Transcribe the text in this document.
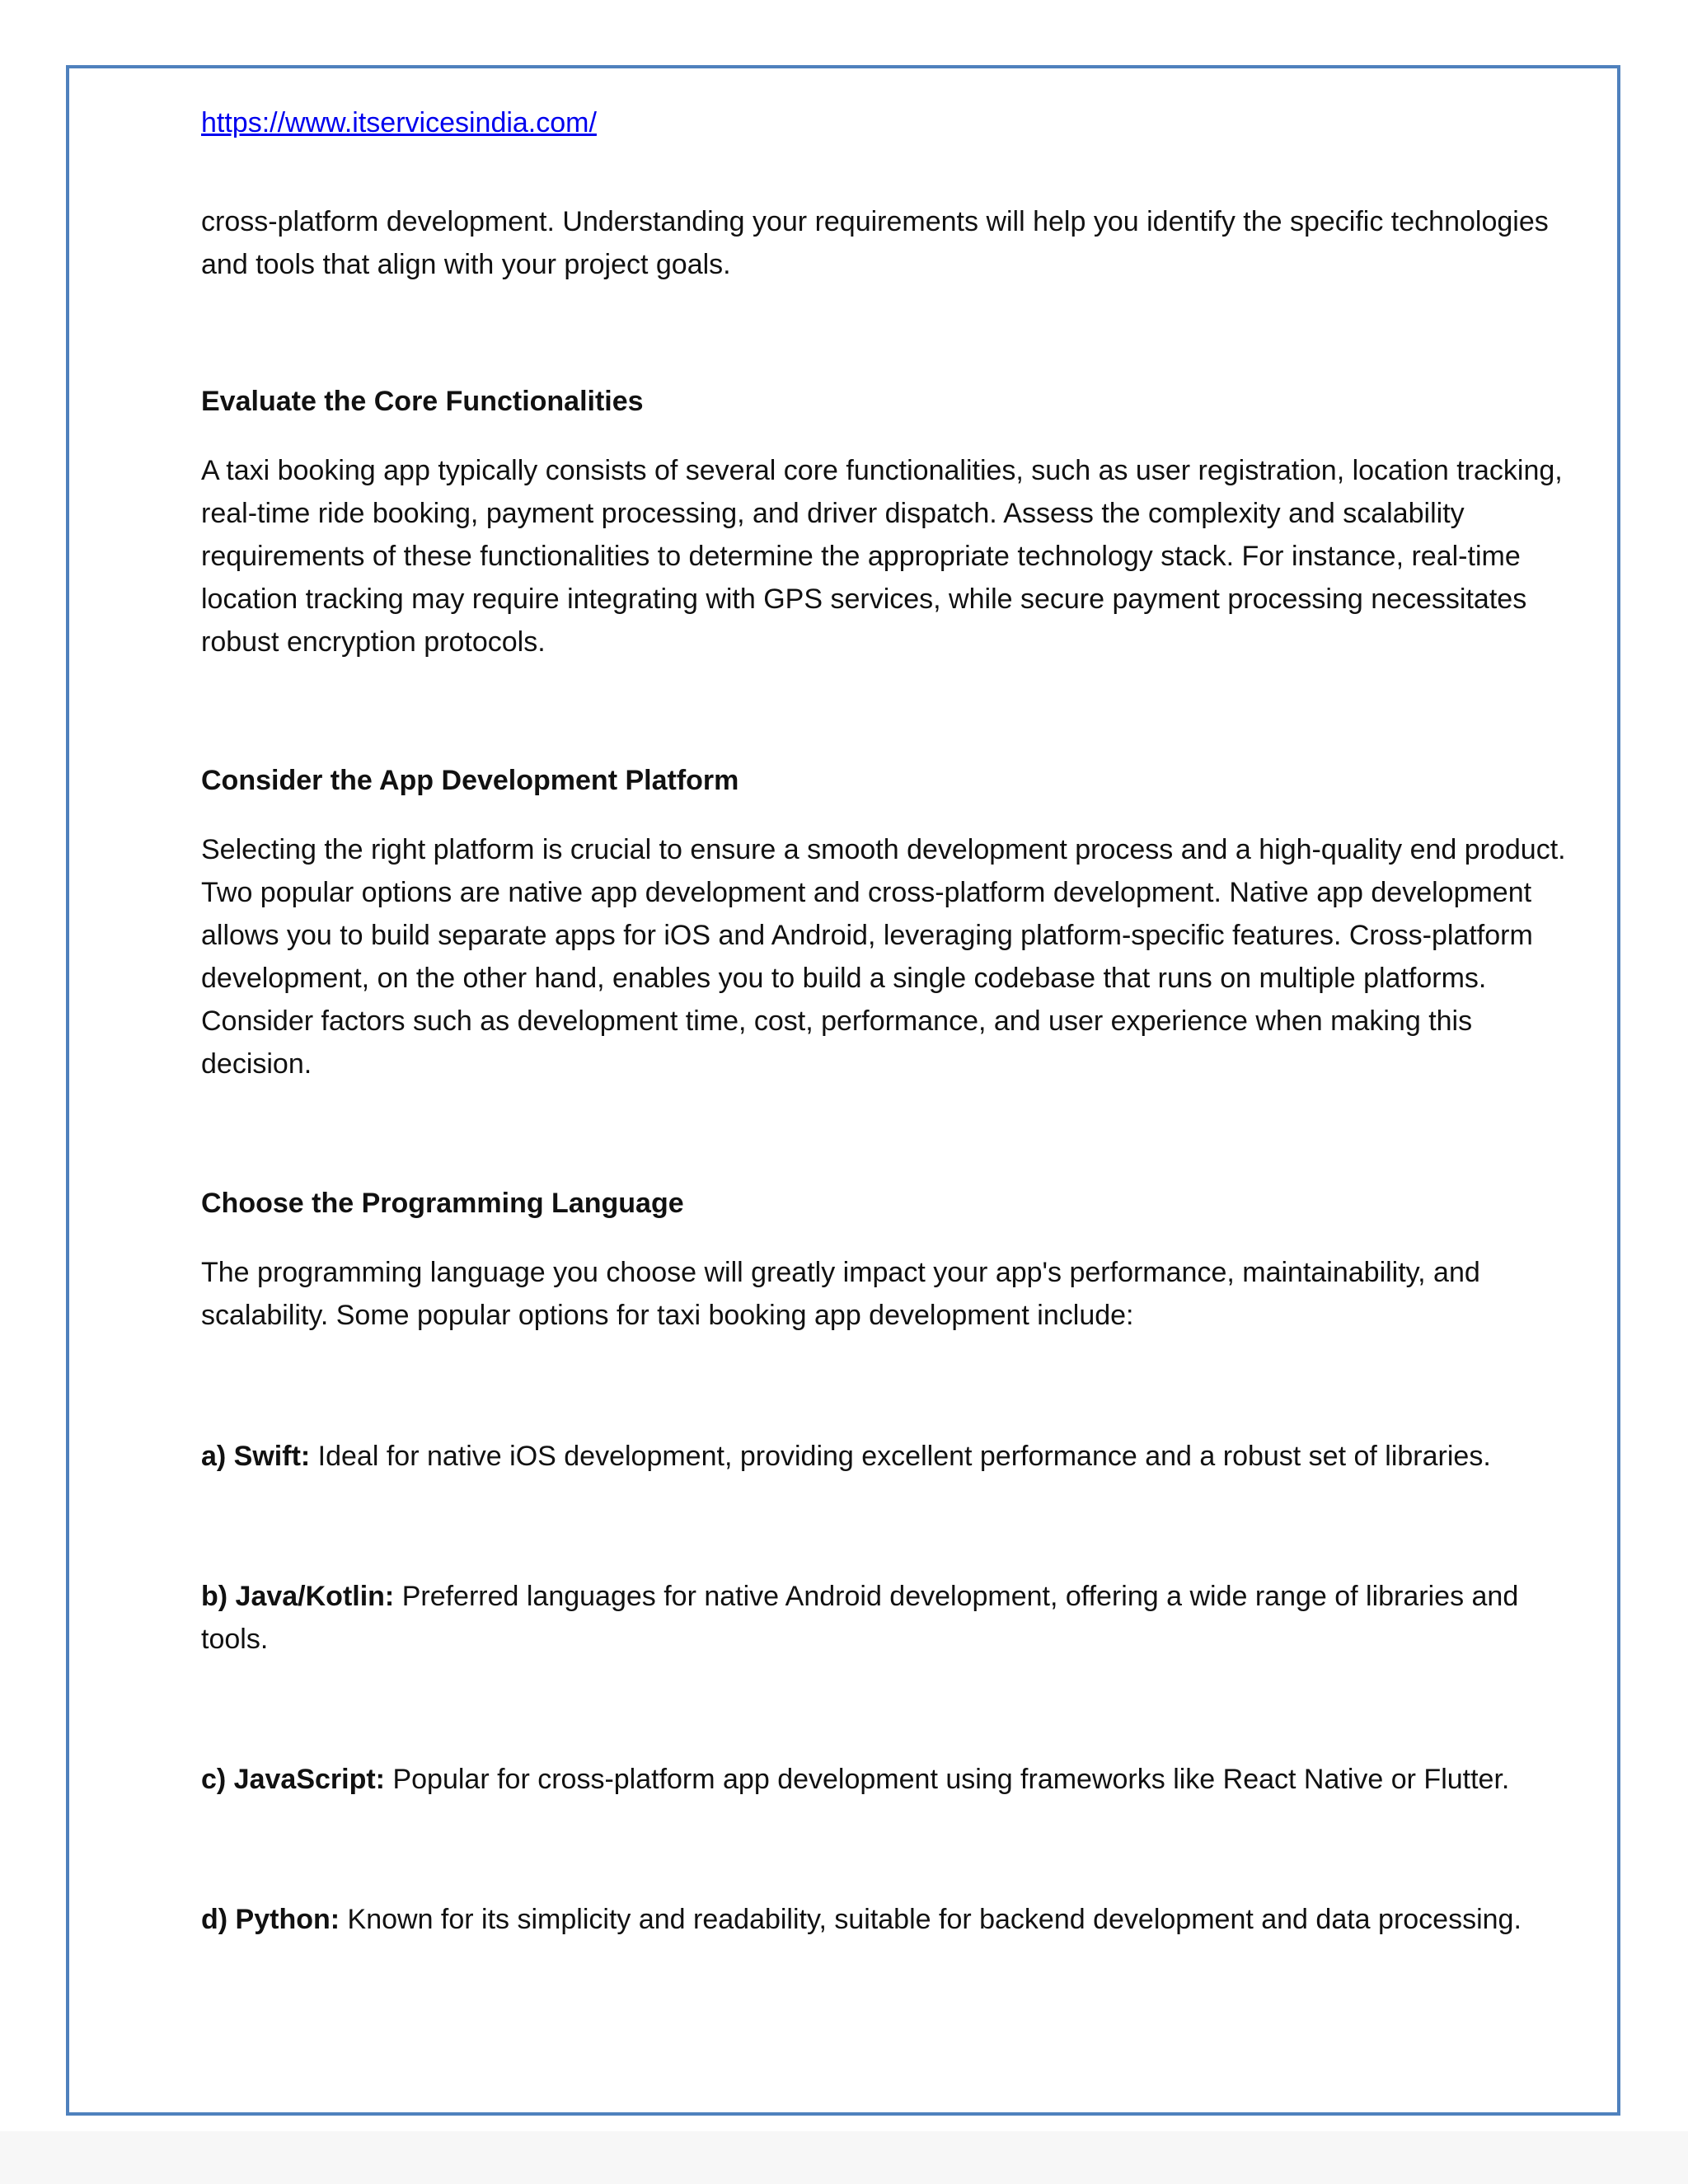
https://www.itservicesindia.com/

cross-platform development. Understanding your requirements will help you identify the specific technologies and tools that align with your project goals.

Evaluate the Core Functionalities

A taxi booking app typically consists of several core functionalities, such as user registration, location tracking, real-time ride booking, payment processing, and driver dispatch. Assess the complexity and scalability requirements of these functionalities to determine the appropriate technology stack. For instance, real-time location tracking may require integrating with GPS services, while secure payment processing necessitates robust encryption protocols.

Consider the App Development Platform

Selecting the right platform is crucial to ensure a smooth development process and a high-quality end product. Two popular options are native app development and cross-platform development. Native app development allows you to build separate apps for iOS and Android, leveraging platform-specific features. Cross-platform development, on the other hand, enables you to build a single codebase that runs on multiple platforms. Consider factors such as development time, cost, performance, and user experience when making this decision.

Choose the Programming Language

The programming language you choose will greatly impact your app's performance, maintainability, and scalability. Some popular options for taxi booking app development include:

a) Swift: Ideal for native iOS development, providing excellent performance and a robust set of libraries.

b) Java/Kotlin: Preferred languages for native Android development, offering a wide range of libraries and tools.

c) JavaScript: Popular for cross-platform app development using frameworks like React Native or Flutter.

d) Python: Known for its simplicity and readability, suitable for backend development and data processing.
